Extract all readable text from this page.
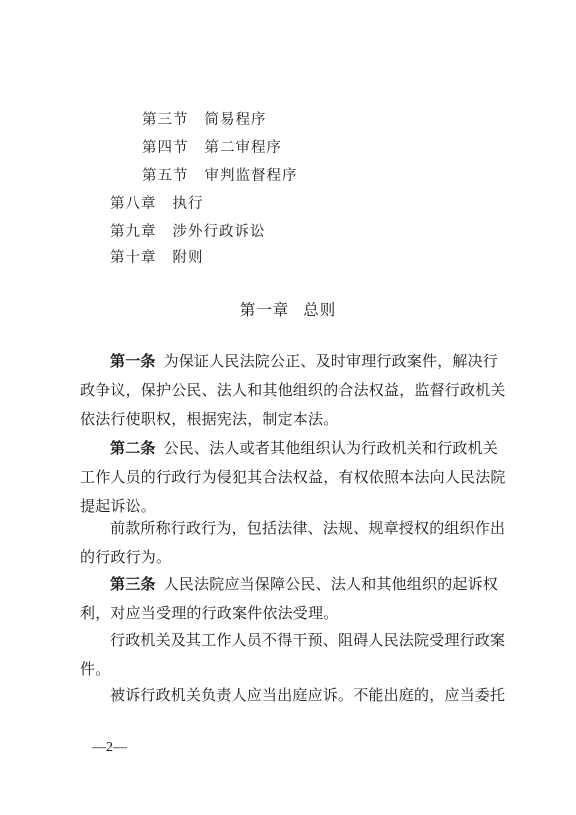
第三节 简易程序
第四节 第二审程序
第五节 审判监督程序
第八章 执行
第九章 涉外行政诉讼
第十章 附则
第一章 总则
第一条 为保证人民法院公正、及时审理行政案件，解决行
政争议，保护公民、法人和其他组织的合法权益，监督行政机关
依法行使职权，根据宪法，制定本法。
第二条 公民、法人或者其他组织认为行政机关和行政机关
工作人员的行政行为侵犯其合法权益，有权依照本法向人民法院
提起诉讼。
前款所称行政行为，包括法律、法规、规章授权的组织作出
的行政行为。
第三条 人民法院应当保障公民、法人和其他组织的起诉权
利，对应当受理的行政案件依法受理。
行政机关及其工作人员不得干预、阻碍人民法院受理行政案
件。
被诉行政机关负责人应当出庭应诉。不能出庭的，应当委托
—2—
